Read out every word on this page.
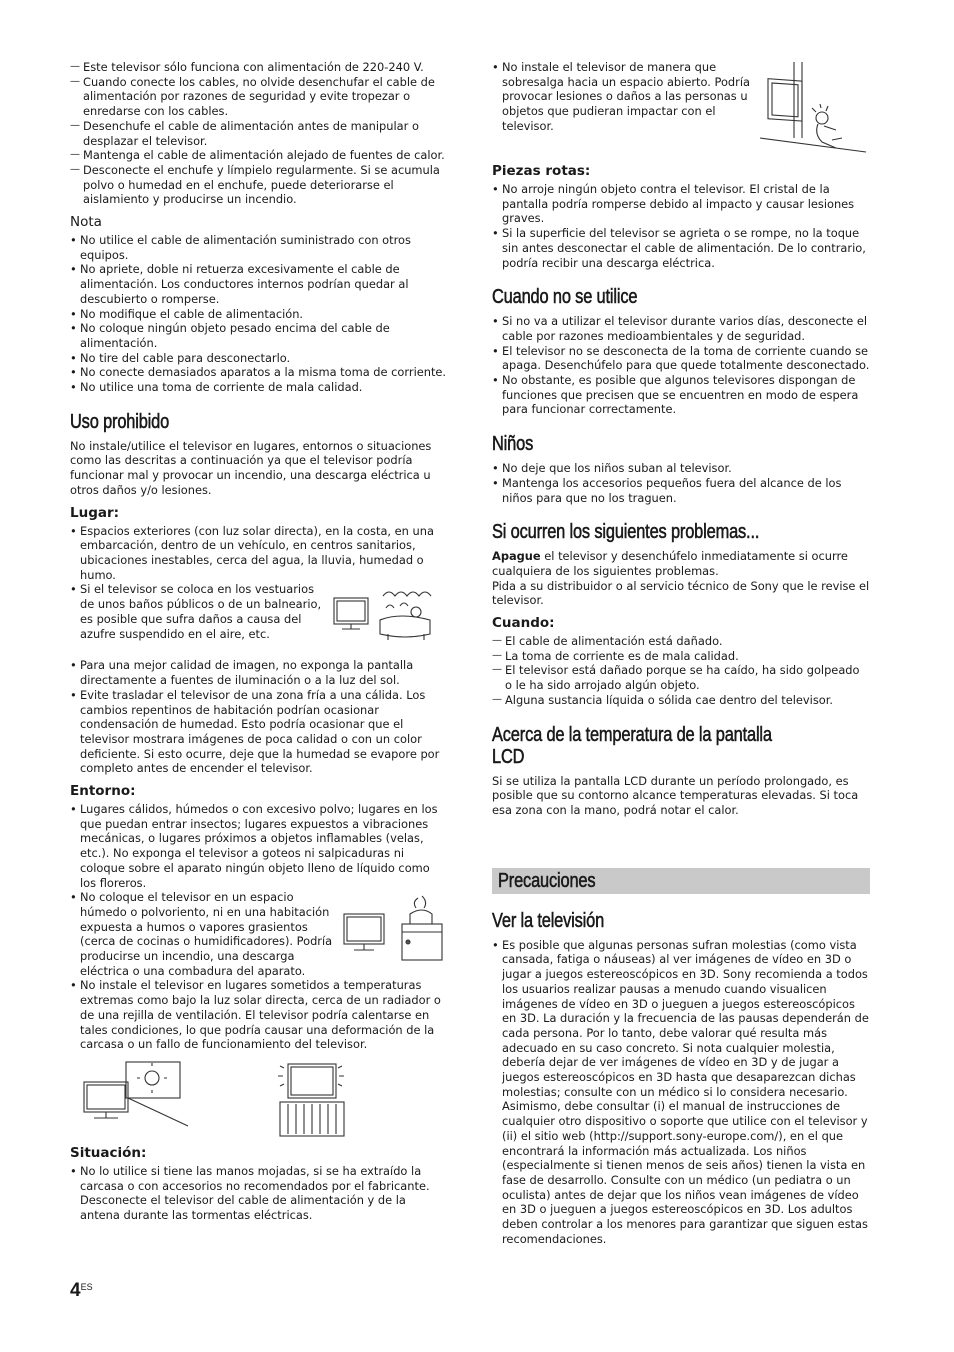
— Este televisor sólo funciona con alimentación de 220-240 V.
— Cuando conecte los cables, no olvide desenchufar el cable de alimentación por razones de seguridad y evite tropezar o enredarse con los cables.
— Desenchufe el cable de alimentación antes de manipular o desplazar el televisor.
— Mantenga el cable de alimentación alejado de fuentes de calor.
— Desconecte el enchufe y límpielo regularmente. Si se acumula polvo o humedad en el enchufe, puede deteriorarse el aislamiento y producirse un incendio.
Nota
• No utilice el cable de alimentación suministrado con otros equipos.
• No apriete, doble ni retuerza excesivamente el cable de alimentación. Los conductores internos podrían quedar al descubierto o romperse.
• No modifique el cable de alimentación.
• No coloque ningún objeto pesado encima del cable de alimentación.
• No tire del cable para desconectarlo.
• No conecte demasiados aparatos a la misma toma de corriente.
• No utilice una toma de corriente de mala calidad.
Uso prohibido

No instale/utilice el televisor en lugares, entornos o situaciones como las descritas a continuación ya que el televisor podría funcionar mal y provocar un incendio, una descarga eléctrica u otros daños y/o lesiones.

Lugar:
• Espacios exteriores (con luz solar directa), en la costa, en una embarcación, dentro de un vehículo, en centros sanitarios, ubicaciones inestables, cerca del agua, la lluvia, humedad o humo.
• Si el televisor se coloca en los vestuarios de unos baños públicos o de un balneario, es posible que sufra daños a causa del azufre suspendido en el aire, etc.
• Para una mejor calidad de imagen, no exponga la pantalla directamente a fuentes de iluminación o a la luz del sol.
• Evite trasladar el televisor de una zona fría a una cálida. Los cambios repentinos de habitación podrían ocasionar condensación de humedad. Esto podría ocasionar que el televisor mostrara imágenes de poca calidad o con un color deficiente. Si esto ocurre, deje que la humedad se evapore por completo antes de encender el televisor.
Entorno:
• Lugares cálidos, húmedos o con excesivo polvo; lugares en los que puedan entrar insectos; lugares expuestos a vibraciones mecánicas, o lugares próximos a objetos inflamables (velas, etc.). No exponga el televisor a goteos ni salpicaduras ni coloque sobre el aparato ningún objeto lleno de líquido como los floreros.
• No coloque el televisor en un espacio húmedo o polvoriento, ni en una habitación expuesta a humos o vapores grasientos (cerca de cocinas o humidificadores). Podría producirse un incendio, una descarga eléctrica o una combadura del aparato.
• No instale el televisor en lugares sometidos a temperaturas extremas como bajo la luz solar directa, cerca de un radiador o de una rejilla de ventilación. El televisor podría calentarse en tales condiciones, lo que podría causar una deformación de la carcasa o un fallo de funcionamiento del televisor.
Situación:
• No lo utilice si tiene las manos mojadas, si se ha extraído la carcasa o con accesorios no recomendados por el fabricante. Desconecte el televisor del cable de alimentación y de la antena durante las tormentas eléctricas.
• No instale el televisor de manera que sobresalga hacia un espacio abierto. Podría provocar lesiones o daños a las personas u objetos que pudieran impactar con el televisor.
Piezas rotas:
• No arroje ningún objeto contra el televisor. El cristal de la pantalla podría romperse debido al impacto y causar lesiones graves.
• Si la superficie del televisor se agrieta o se rompe, no la toque sin antes desconectar el cable de alimentación. De lo contrario, podría recibir una descarga eléctrica.
Cuando no se utilice
• Si no va a utilizar el televisor durante varios días, desconecte el cable por razones medioambientales y de seguridad.
• El televisor no se desconecta de la toma de corriente cuando se apaga. Desenchúfelo para que quede totalmente desconectado.
• No obstante, es posible que algunos televisores dispongan de funciones que precisen que se encuentren en modo de espera para funcionar correctamente.
Niños
• No deje que los niños suban al televisor.
• Mantenga los accesorios pequeños fuera del alcance de los niños para que no los traguen.
Si ocurren los siguientes problemas...

Apague el televisor y desenchúfelo inmediatamente si ocurre cualquiera de los siguientes problemas.

Pida a su distribuidor o al servicio técnico de Sony que le revise el televisor.

Cuando:
— El cable de alimentación está dañado.
— La toma de corriente es de mala calidad.
— El televisor está dañado porque se ha caído, ha sido golpeado o le ha sido arrojado algún objeto.
— Alguna sustancia líquida o sólida cae dentro del televisor.
Acerca de la temperatura de la pantalla LCD

Si se utiliza la pantalla LCD durante un período prolongado, es posible que su contorno alcance temperaturas elevadas. Si toca esa zona con la mano, podrá notar el calor.

Precauciones
Ver la televisión
• Es posible que algunas personas sufran molestias (como vista cansada, fatiga o náuseas) al ver imágenes de vídeo en 3D o jugar a juegos estereoscópicos en 3D. Sony recomienda a todos los usuarios realizar pausas a menudo cuando visualicen imágenes de vídeo en 3D o jueguen a juegos estereoscópicos en 3D. La duración y la frecuencia de las pausas dependerán de cada persona. Por lo tanto, debe valorar qué resulta más adecuado en su caso concreto. Si nota cualquier molestia, debería dejar de ver imágenes de vídeo en 3D y de jugar a juegos estereoscópicos en 3D hasta que desaparezcan dichas molestias; consulte con un médico si lo considera necesario. Asimismo, debe consultar (i) el manual de instrucciones de cualquier otro dispositivo o soporte que utilice con el televisor y (ii) el sitio web (http://support.sony-europe.com/), en el que encontrará la información más actualizada. Los niños (especialmente si tienen menos de seis años) tienen la vista en fase de desarrollo. Consulte con un médico (un pediatra o un oculista) antes de dejar que los niños vean imágenes de vídeo en 3D o jueguen a juegos estereoscópicos en 3D. Los adultos deben controlar a los menores para garantizar que siguen estas recomendaciones.
$4^{ES}$
